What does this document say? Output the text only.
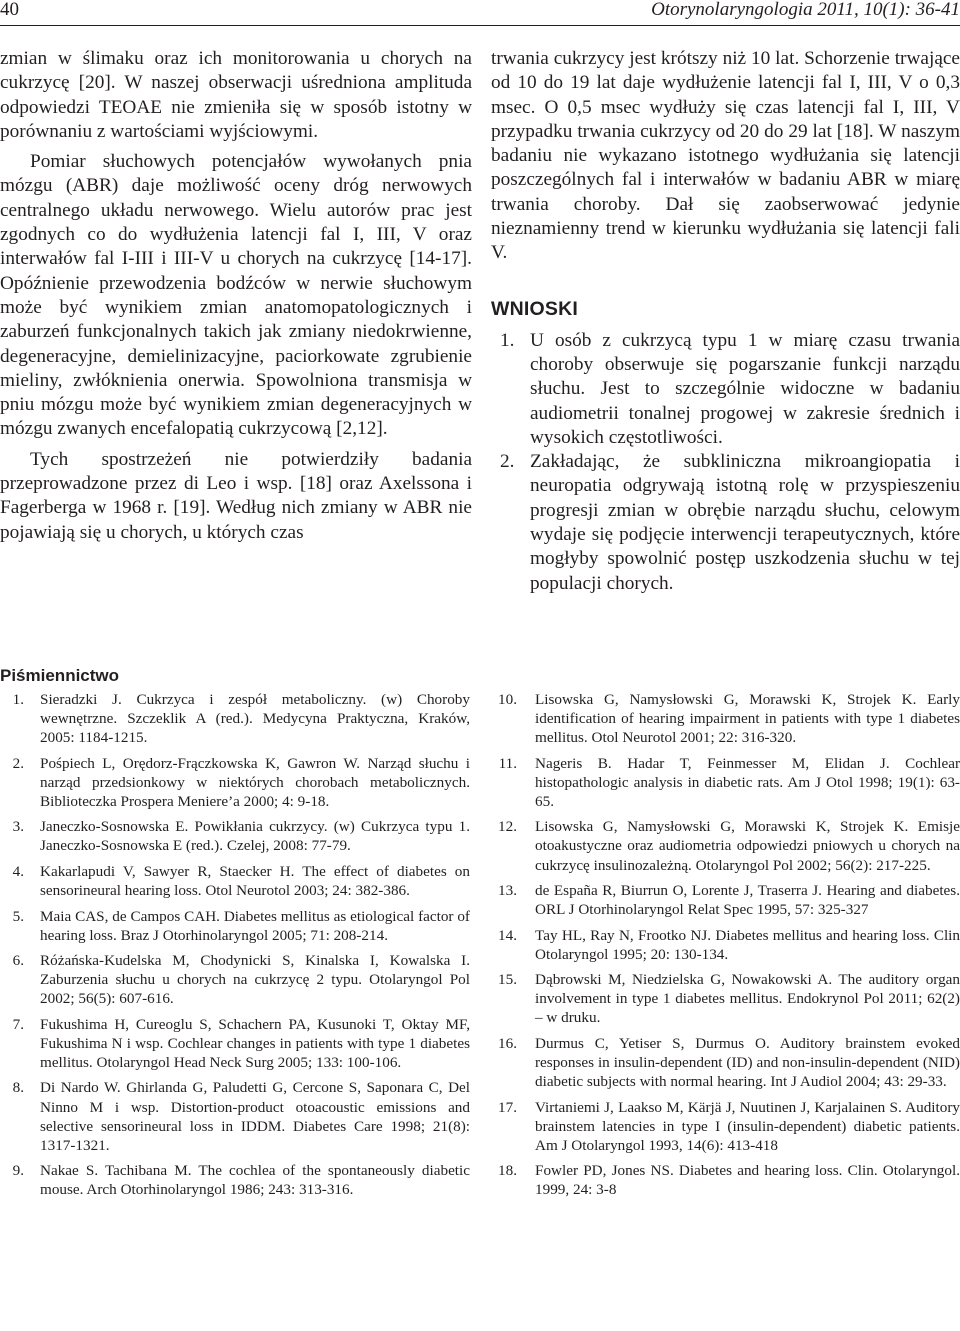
40	Otorynolaryngologia 2011, 10(1): 36-41

zmian w ślimaku oraz ich monitorowania u chorych na cukrzycę [20]. W naszej obserwacji uśredniona amplituda odpowiedzi TEOAE nie zmieniła się w sposób istotny w porównaniu z wartościami wyjściowymi.

Pomiar słuchowych potencjałów wywołanych pnia mózgu (ABR) daje możliwość oceny dróg nerwowych centralnego układu nerwowego. Wielu autorów prac jest zgodnych co do wydłużenia latencji fal I, III, V oraz interwałów fal I-III i III-V u chorych na cukrzycę [14-17]. Opóźnienie przewodzenia bodźców w nerwie słuchowym może być wynikiem zmian anatomopatologicznych i zaburzeń funkcjonalnych takich jak zmiany niedokrwienne, degeneracyjne, demielinizacyjne, paciorkowate zgrubienie mieliny, zwłóknienia onerwia. Spowolniona transmisja w pniu mózgu może być wynikiem zmian degeneracyjnych w mózgu zwanych encefalopatią cukrzycową [2,12].

Tych spostrzeżeń nie potwierdziły badania przeprowadzone przez di Leo i wsp. [18] oraz Axelssona i Fagerberga w 1968 r. [19]. Według nich zmiany w ABR nie pojawiają się u chorych, u których czas

trwania cukrzycy jest krótszy niż 10 lat. Schorzenie trwające od 10 do 19 lat daje wydłużenie latencji fal I, III, V o 0,3 msec. O 0,5 msec wydłuży się czas latencji fal I, III, V przypadku trwania cukrzycy od 20 do 29 lat [18]. W naszym badaniu nie wykazano istotnego wydłużania się latencji poszczególnych fal i interwałów w badaniu ABR w miarę trwania choroby. Dał się zaobserwować jedynie nieznamienny trend w kierunku wydłużania się latencji fali V.

WNIOSKI
1. U osób z cukrzycą typu 1 w miarę czasu trwania choroby obserwuje się pogarszanie funkcji narządu słuchu. Jest to szczególnie widoczne w badaniu audiometrii tonalnej progowej w zakresie średnich i wysokich częstotliwości.
2. Zakładając, że subkliniczna mikroangiopatia i neuropatia odgrywają istotną rolę w przyspieszeniu progresji zmian w obrębie narządu słuchu, celowym wydaje się podjęcie interwencji terapeutycznych, które mogłyby spowolnić postęp uszkodzenia słuchu w tej populacji chorych.
Piśmiennictwo
1. Sieradzki J. Cukrzyca i zespół metaboliczny. (w) Choroby wewnętrzne. Szczeklik A (red.). Medycyna Praktyczna, Kraków, 2005: 1184-1215.
2. Pośpiech L, Orędorz-Frączkowska K, Gawron W. Narząd słuchu i narząd przedsionkowy w niektórych chorobach metabolicznych. Biblioteczka Prospera Meniere’a 2000; 4: 9-18.
3. Janeczko-Sosnowska E. Powikłania cukrzycy. (w) Cukrzyca typu 1. Janeczko-Sosnowska E (red.). Czelej, 2008: 77-79.
4. Kakarlapudi V, Sawyer R, Staecker H. The effect of diabetes on sensorineural hearing loss. Otol Neurotol 2003; 24: 382-386.
5. Maia CAS, de Campos CAH. Diabetes mellitus as etiological factor of hearing loss. Braz J Otorhinolaryngol 2005; 71: 208-214.
6. Różańska-Kudelska M, Chodynicki S, Kinalska I, Kowalska I. Zaburzenia słuchu u chorych na cukrzycę 2 typu. Otolaryngol Pol 2002; 56(5): 607-616.
7. Fukushima H, Cureoglu S, Schachern PA, Kusunoki T, Oktay MF, Fukushima N i wsp. Cochlear changes in patients with type 1 diabetes mellitus. Otolaryngol Head Neck Surg 2005; 133: 100-106.
8. Di Nardo W. Ghirlanda G, Paludetti G, Cercone S, Saponara C, Del Ninno M i wsp. Distortion-product otoacoustic emissions and selective sensorineural loss in IDDM. Diabetes Care 1998; 21(8): 1317-1321.
9. Nakae S. Tachibana M. The cochlea of the spontaneously diabetic mouse. Arch Otorhinolaryngol 1986; 243: 313-316.
10. Lisowska G, Namysłowski G, Morawski K, Strojek K. Early identification of hearing impairment in patients with type 1 diabetes mellitus. Otol Neurotol 2001; 22: 316-320.
11. Nageris B. Hadar T, Feinmesser M, Elidan J. Cochlear histopathologic analysis in diabetic rats. Am J Otol 1998; 19(1): 63-65.
12. Lisowska G, Namysłowski G, Morawski K, Strojek K. Emisje otoakustyczne oraz audiometria odpowiedzi pniowych u chorych na cukrzycę insulinozależną. Otolaryngol Pol 2002; 56(2): 217-225.
13. de España R, Biurrun O, Lorente J, Traserra J. Hearing and diabetes. ORL J Otorhinolaryngol Relat Spec 1995, 57: 325-327
14. Tay HL, Ray N, Frootko NJ. Diabetes mellitus and hearing loss. Clin Otolaryngol 1995; 20: 130-134.
15. Dąbrowski M, Niedzielska G, Nowakowski A. The auditory organ involvement in type 1 diabetes mellitus. Endokrynol Pol 2011; 62(2) – w druku.
16. Durmus C, Yetiser S, Durmus O. Auditory brainstem evoked responses in insulin-dependent (ID) and non-insulin-dependent (NID) diabetic subjects with normal hearing. Int J Audiol 2004; 43: 29-33.
17. Virtaniemi J, Laakso M, Kärjä J, Nuutinen J, Karjalainen S. Auditory brainstem latencies in type I (insulin-dependent) diabetic patients. Am J Otolaryngol 1993, 14(6): 413-418
18. Fowler PD, Jones NS. Diabetes and hearing loss. Clin. Otolaryngol. 1999, 24: 3-8
